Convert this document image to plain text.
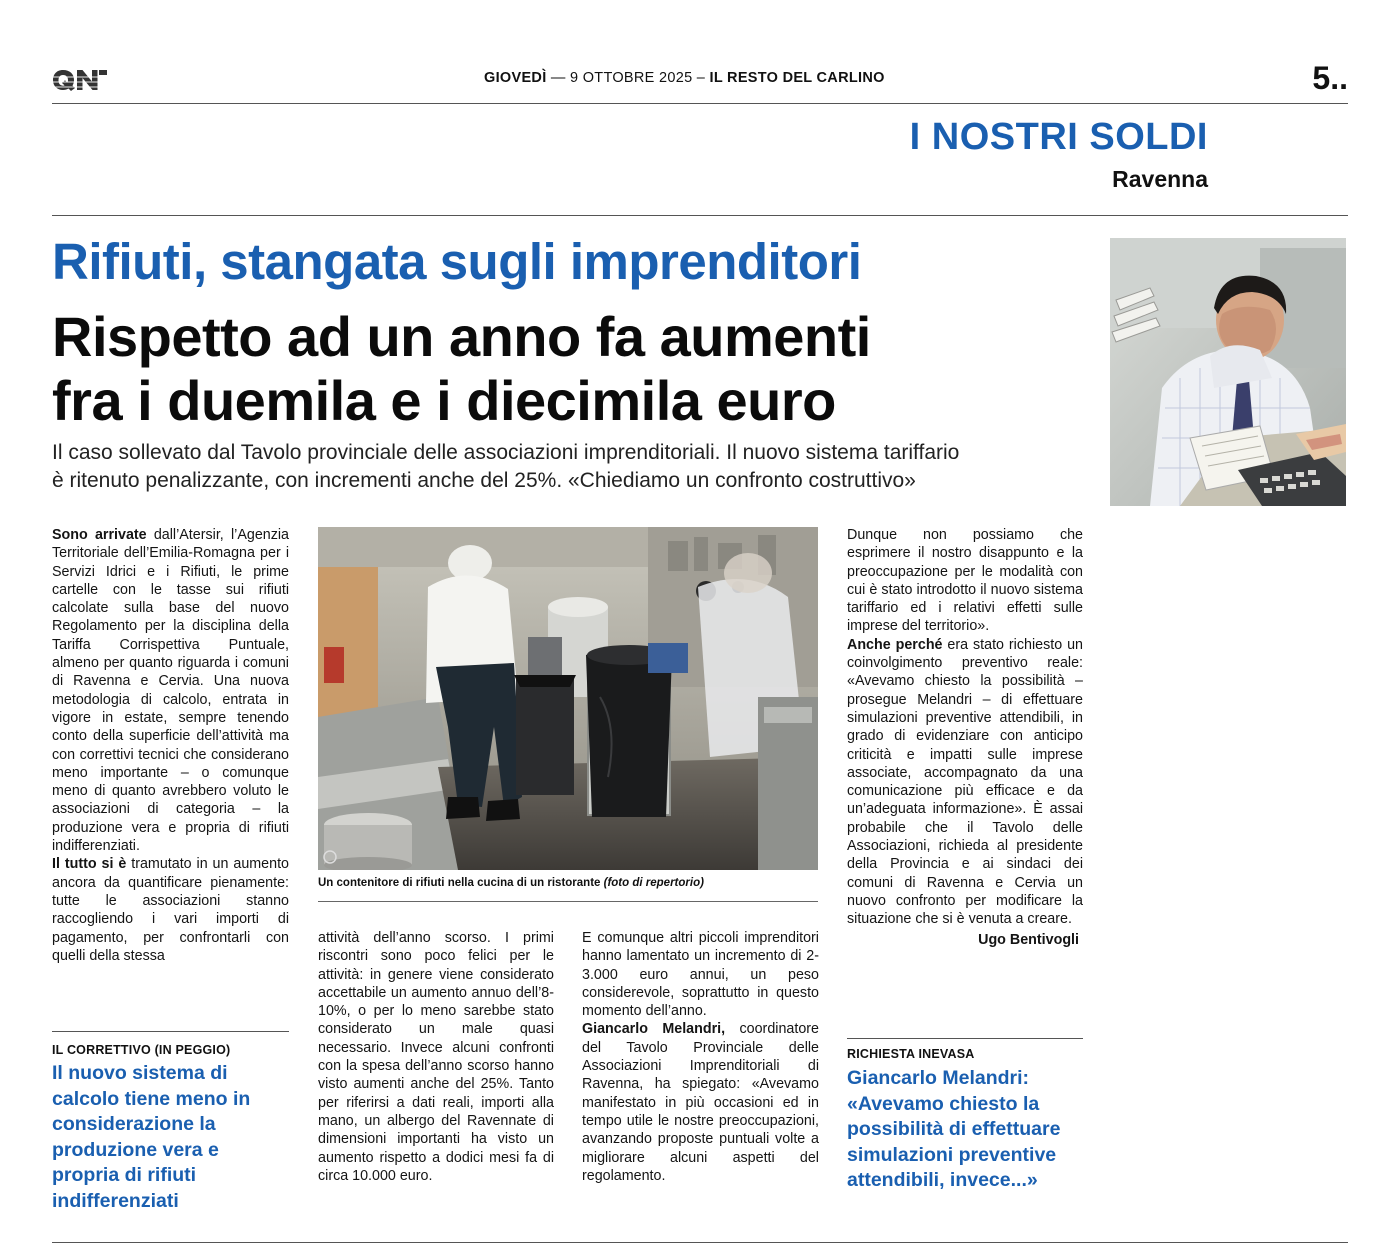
GIOVEDÌ — 9 OTTOBRE 2025 – IL RESTO DEL CARLINO	5..
I NOSTRI SOLDI
Ravenna
Rifiuti, stangata sugli imprenditori
Rispetto ad un anno fa aumenti
fra i duemila e i diecimila euro
Il caso sollevato dal Tavolo provinciale delle associazioni imprenditoriali. Il nuovo sistema tariffario
è ritenuto penalizzante, con incrementi anche del 25%. «Chiediamo un confronto costruttivo»
Un contenitore di rifiuti nella cucina di un ristorante (foto di repertorio)

Sono arrivate dall’Atersir, l’Agenzia Territoriale dell’Emilia-Romagna per i Servizi Idrici e i Rifiuti, le prime cartelle con le tasse sui rifiuti calcolate sulla base del nuovo Regolamento per la disciplina della Tariffa Corrispettiva Puntuale, almeno per quanto riguarda i comuni di Ravenna e Cervia. Una nuova metodologia di calcolo, entrata in vigore in estate, sempre tenendo conto della superficie dell’attività ma con correttivi tecnici che considerano meno importante – o comunque meno di quanto avrebbero voluto le associazioni di categoria – la produzione vera e propria di rifiuti indifferenziati.

Il tutto si è tramutato in un aumento ancora da quantificare pienamente: tutte le associazioni stanno raccogliendo i vari importi di pagamento, per confrontarli con quelli della stessa

attività dell’anno scorso. I primi riscontri sono poco felici per le attività: in genere viene considerato accettabile un aumento annuo dell’8-10%, o per lo meno sarebbe stato considerato un male quasi necessario. Invece alcuni confronti con la spesa dell’anno scorso hanno visto aumenti anche del 25%. Tanto per riferirsi a dati reali, importi alla mano, un albergo del Ravennate di dimensioni importanti ha visto un aumento rispetto a dodici mesi fa di circa 10.000 euro.

E comunque altri piccoli imprenditori hanno lamentato un incremento di 2-3.000 euro annui, un peso considerevole, soprattutto in questo momento dell’anno.

Giancarlo Melandri, coordinatore del Tavolo Provinciale delle Associazioni Imprenditoriali di Ravenna, ha spiegato: «Avevamo manifestato in più occasioni ed in tempo utile le nostre preoccupazioni, avanzando proposte puntuali volte a migliorare alcuni aspetti del regolamento.

Dunque non possiamo che esprimere il nostro disappunto e la preoccupazione per le modalità con cui è stato introdotto il nuovo sistema tariffario ed i relativi effetti sulle imprese del territorio».

Anche perché era stato richiesto un coinvolgimento preventivo reale: «Avevamo chiesto la possibilità – prosegue Melandri – di effettuare simulazioni preventive attendibili, in grado di evidenziare con anticipo criticità e impatti sulle imprese associate, accompagnato da una comunicazione più efficace e da un’adeguata informazione». È assai probabile che il Tavolo delle Associazioni, richieda al presidente della Provincia e ai sindaci dei comuni di Ravenna e Cervia un nuovo confronto per modificare la situazione che si è venuta a creare.

Ugo Bentivogli
IL CORRETTIVO (IN PEGGIO)
Il nuovo sistema di calcolo tiene meno in considerazione la produzione vera e propria di rifiuti indifferenziati
RICHIESTA INEVASA
Giancarlo Melandri: «Avevamo chiesto la possibilità di effettuare simulazioni preventive attendibili, invece...»
